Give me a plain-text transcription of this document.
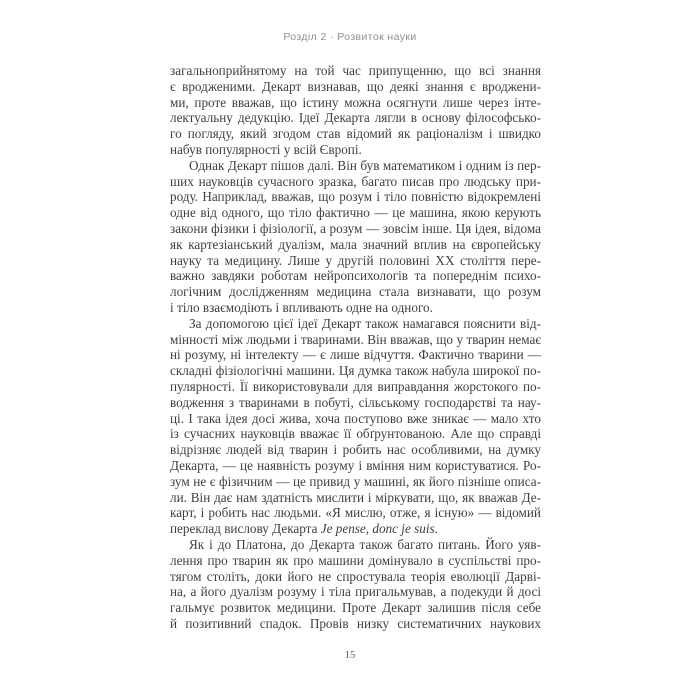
Розділ 2 · Розвиток науки
загальноприйнятому на той час припущенню, що всі знання
є вродженими. Декарт визнавав, що деякі знання є вроджени-
ми, проте вважав, що істину можна осягнути лише через інте-
лектуальну дедукцію. Ідеї Декарта лягли в основу філософсько-
го погляду, який згодом став відомий як раціоналізм і швидко
набув популярності у всій Європі.
Однак Декарт пішов далі. Він був математиком і одним із пер-
ших науковців сучасного зразка, багато писав про людську при-
роду. Наприклад, вважав, що розум і тіло повністю відокремлені
одне від одного, що тіло фактично — це машина, якою керують
закони фізики і фізіології, а розум — зовсім інше. Ця ідея, відома
як картезіанський дуалізм, мала значний вплив на європейську
науку та медицину. Лише у другій половині XX століття пере-
важно завдяки роботам нейропсихологів та попереднім психо-
логічним дослідженням медицина стала визнавати, що розум
і тіло взаємодіють і впливають одне на одного.
За допомогою цієї ідеї Декарт також намагався пояснити від-
мінності між людьми і тваринами. Він вважав, що у тварин немає
ні розуму, ні інтелекту — є лише відчуття. Фактично тварини —
складні фізіологічні машини. Ця думка також набула широкої по-
пулярності. Її використовували для виправдання жорстокого по-
водження з тваринами в побуті, сільському господарстві та нау-
ці. І така ідея досі жива, хоча поступово вже зникає — мало хто
із сучасних науковців вважає її обґрунтованою. Але що справді
відрізняє людей від тварин і робить нас особливими, на думку
Декарта, — це наявність розуму і вміння ним користуватися. Ро-
зум не є фізичним — це привид у машині, як його пізніше описа-
ли. Він дає нам здатність мислити і міркувати, що, як вважав Де-
карт, і робить нас людьми. «Я мислю, отже, я існую» — відомий
переклад вислову Декарта Je pense, donc je suis.
Як і до Платона, до Декарта також багато питань. Його уяв-
лення про тварин як про машини домінувало в суспільстві про-
тягом століть, доки його не спростувала теорія еволюції Дарві-
на, а його дуалізм розуму і тіла пригальмував, а подекуди й досі
гальмує розвиток медицини. Проте Декарт залишив після себе
й позитивний спадок. Провів низку систематичних наукових
15
